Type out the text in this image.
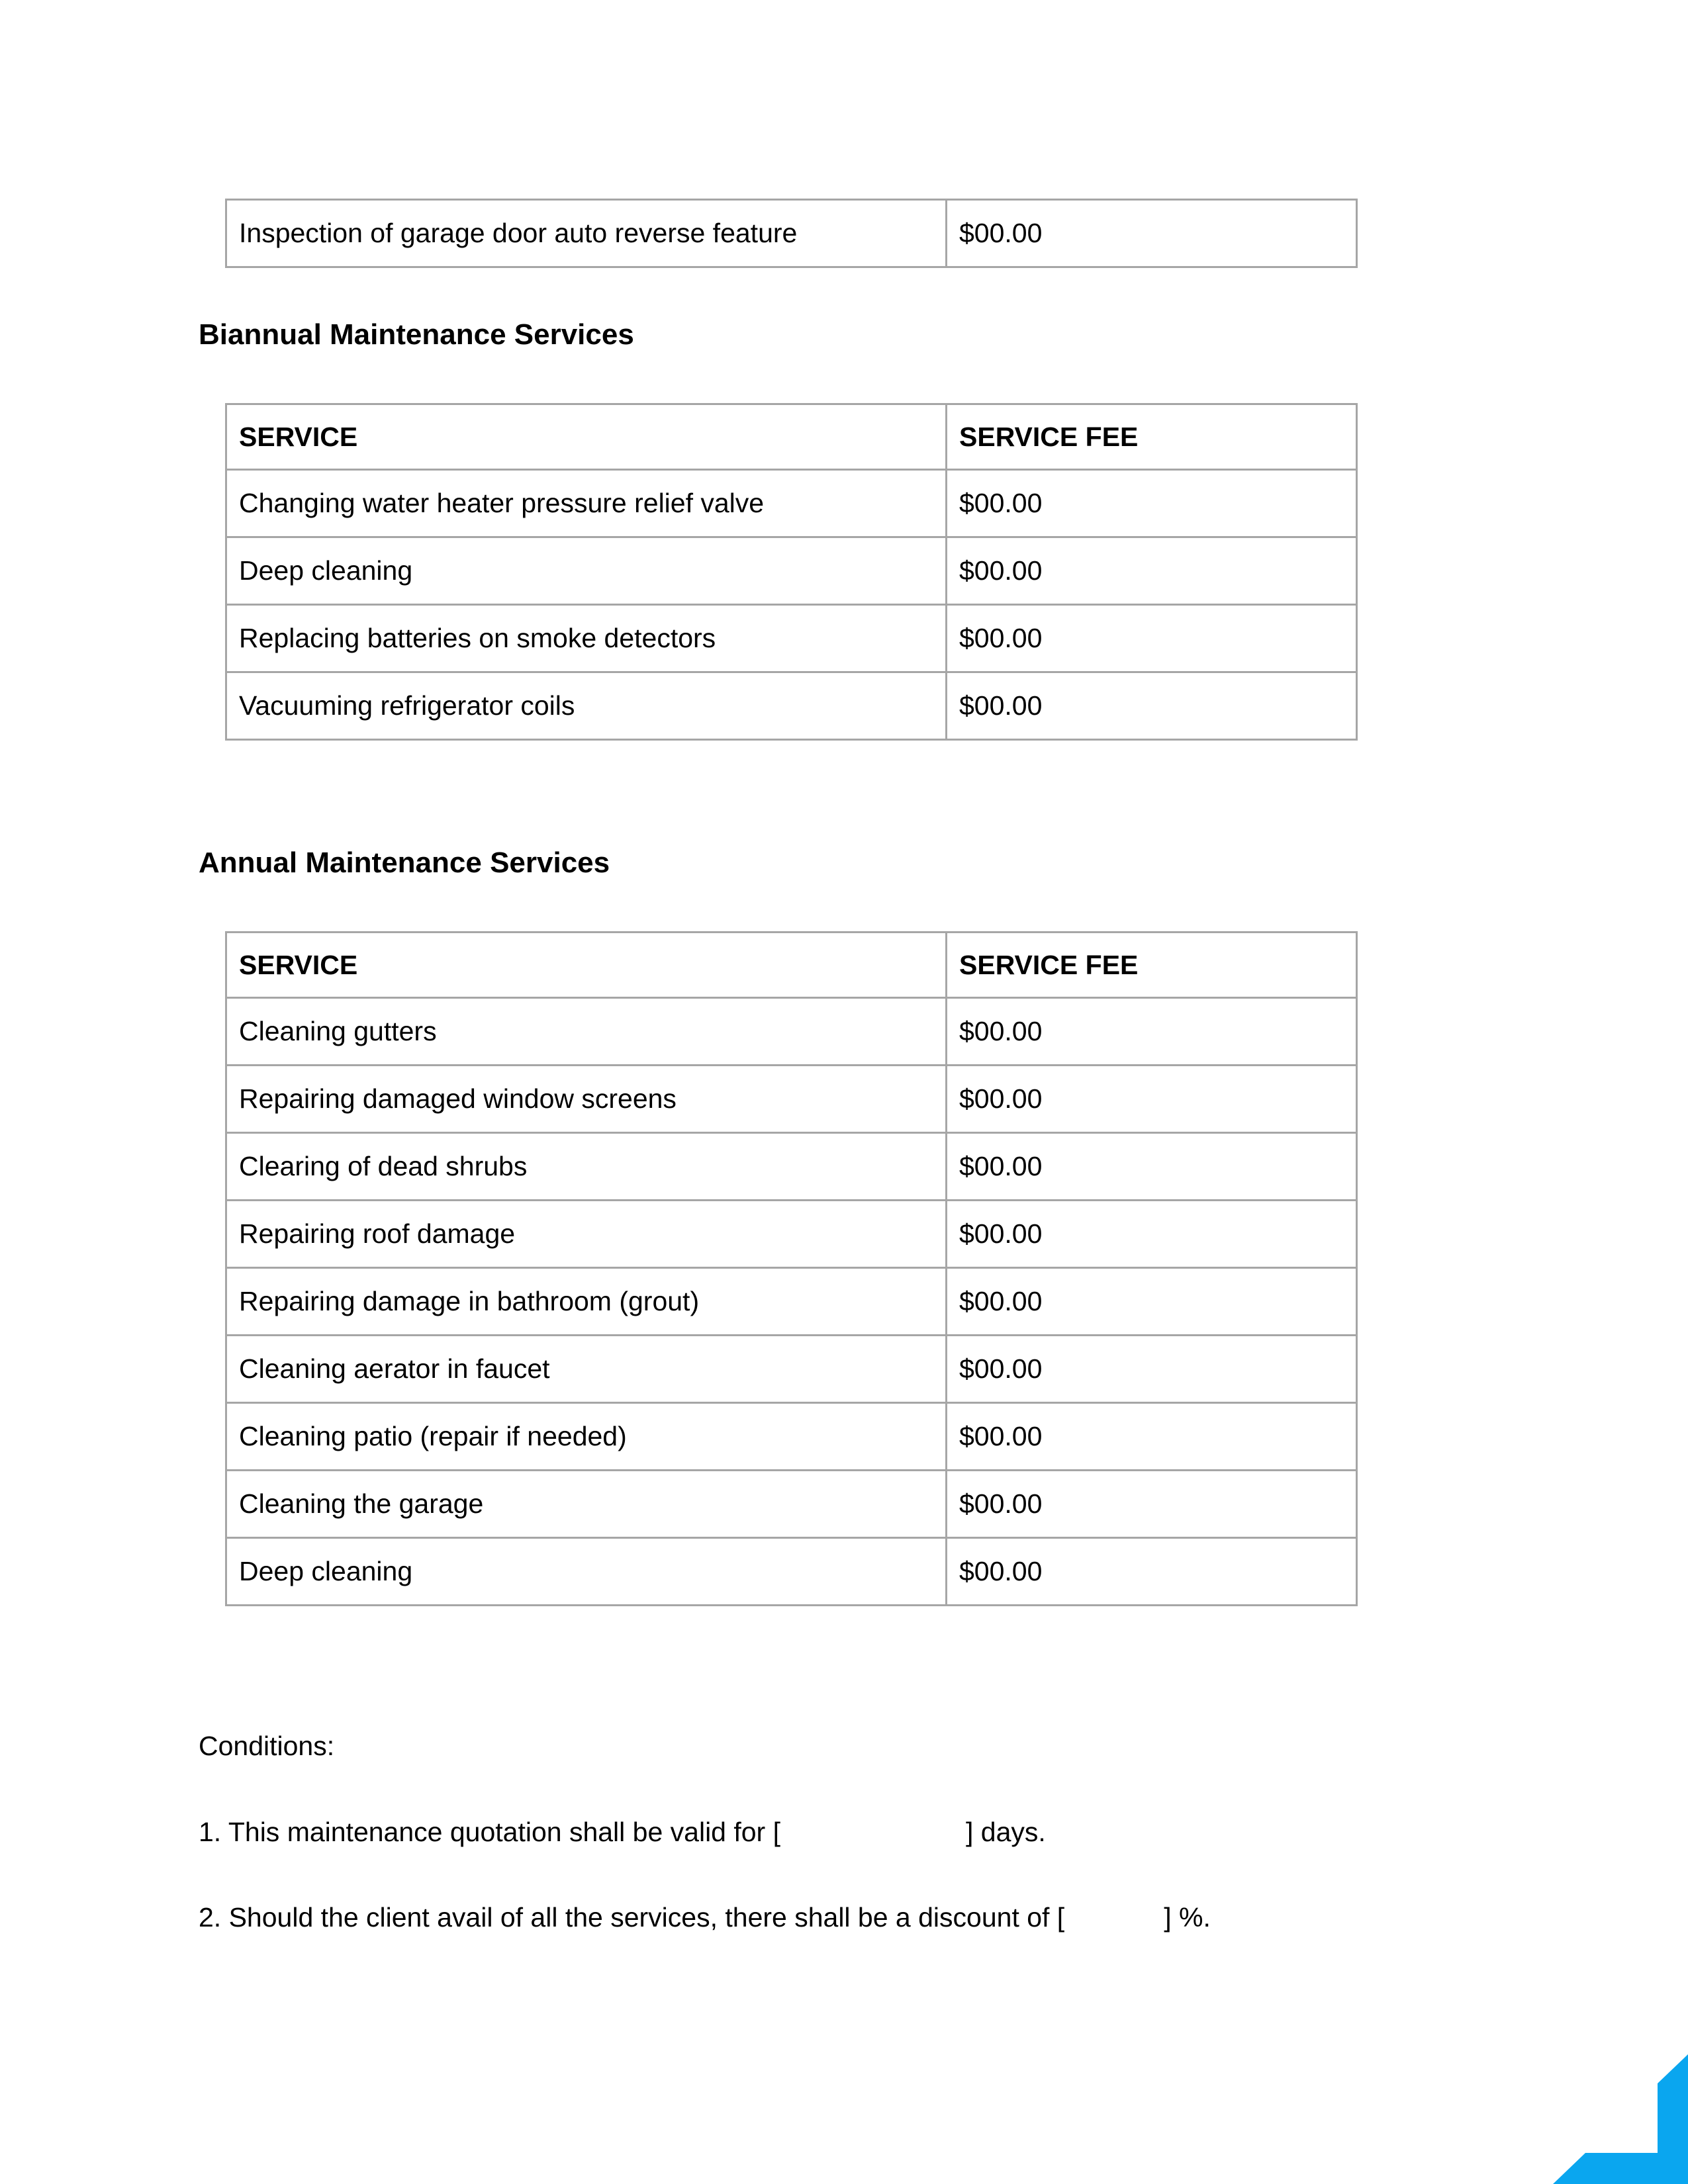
Inspection of garage door auto reverse feature	$00.00
Biannual Maintenance Services
SERVICE	SERVICE FEE
Changing water heater pressure relief valve	$00.00
Deep cleaning	$00.00
Replacing batteries on smoke detectors	$00.00
Vacuuming refrigerator coils	$00.00
Annual Maintenance Services
SERVICE	SERVICE FEE
Cleaning gutters	$00.00
Repairing damaged window screens	$00.00
Clearing of dead shrubs	$00.00
Repairing roof damage	$00.00
Repairing damage in bathroom (grout)	$00.00
Cleaning aerator in faucet	$00.00
Cleaning patio (repair if needed)	$00.00
Cleaning the garage	$00.00
Deep cleaning	$00.00

Conditions:

1. This maintenance quotation shall be valid for [	] days.

2. Should the client avail of all the services, there shall be a discount of [	] %.
